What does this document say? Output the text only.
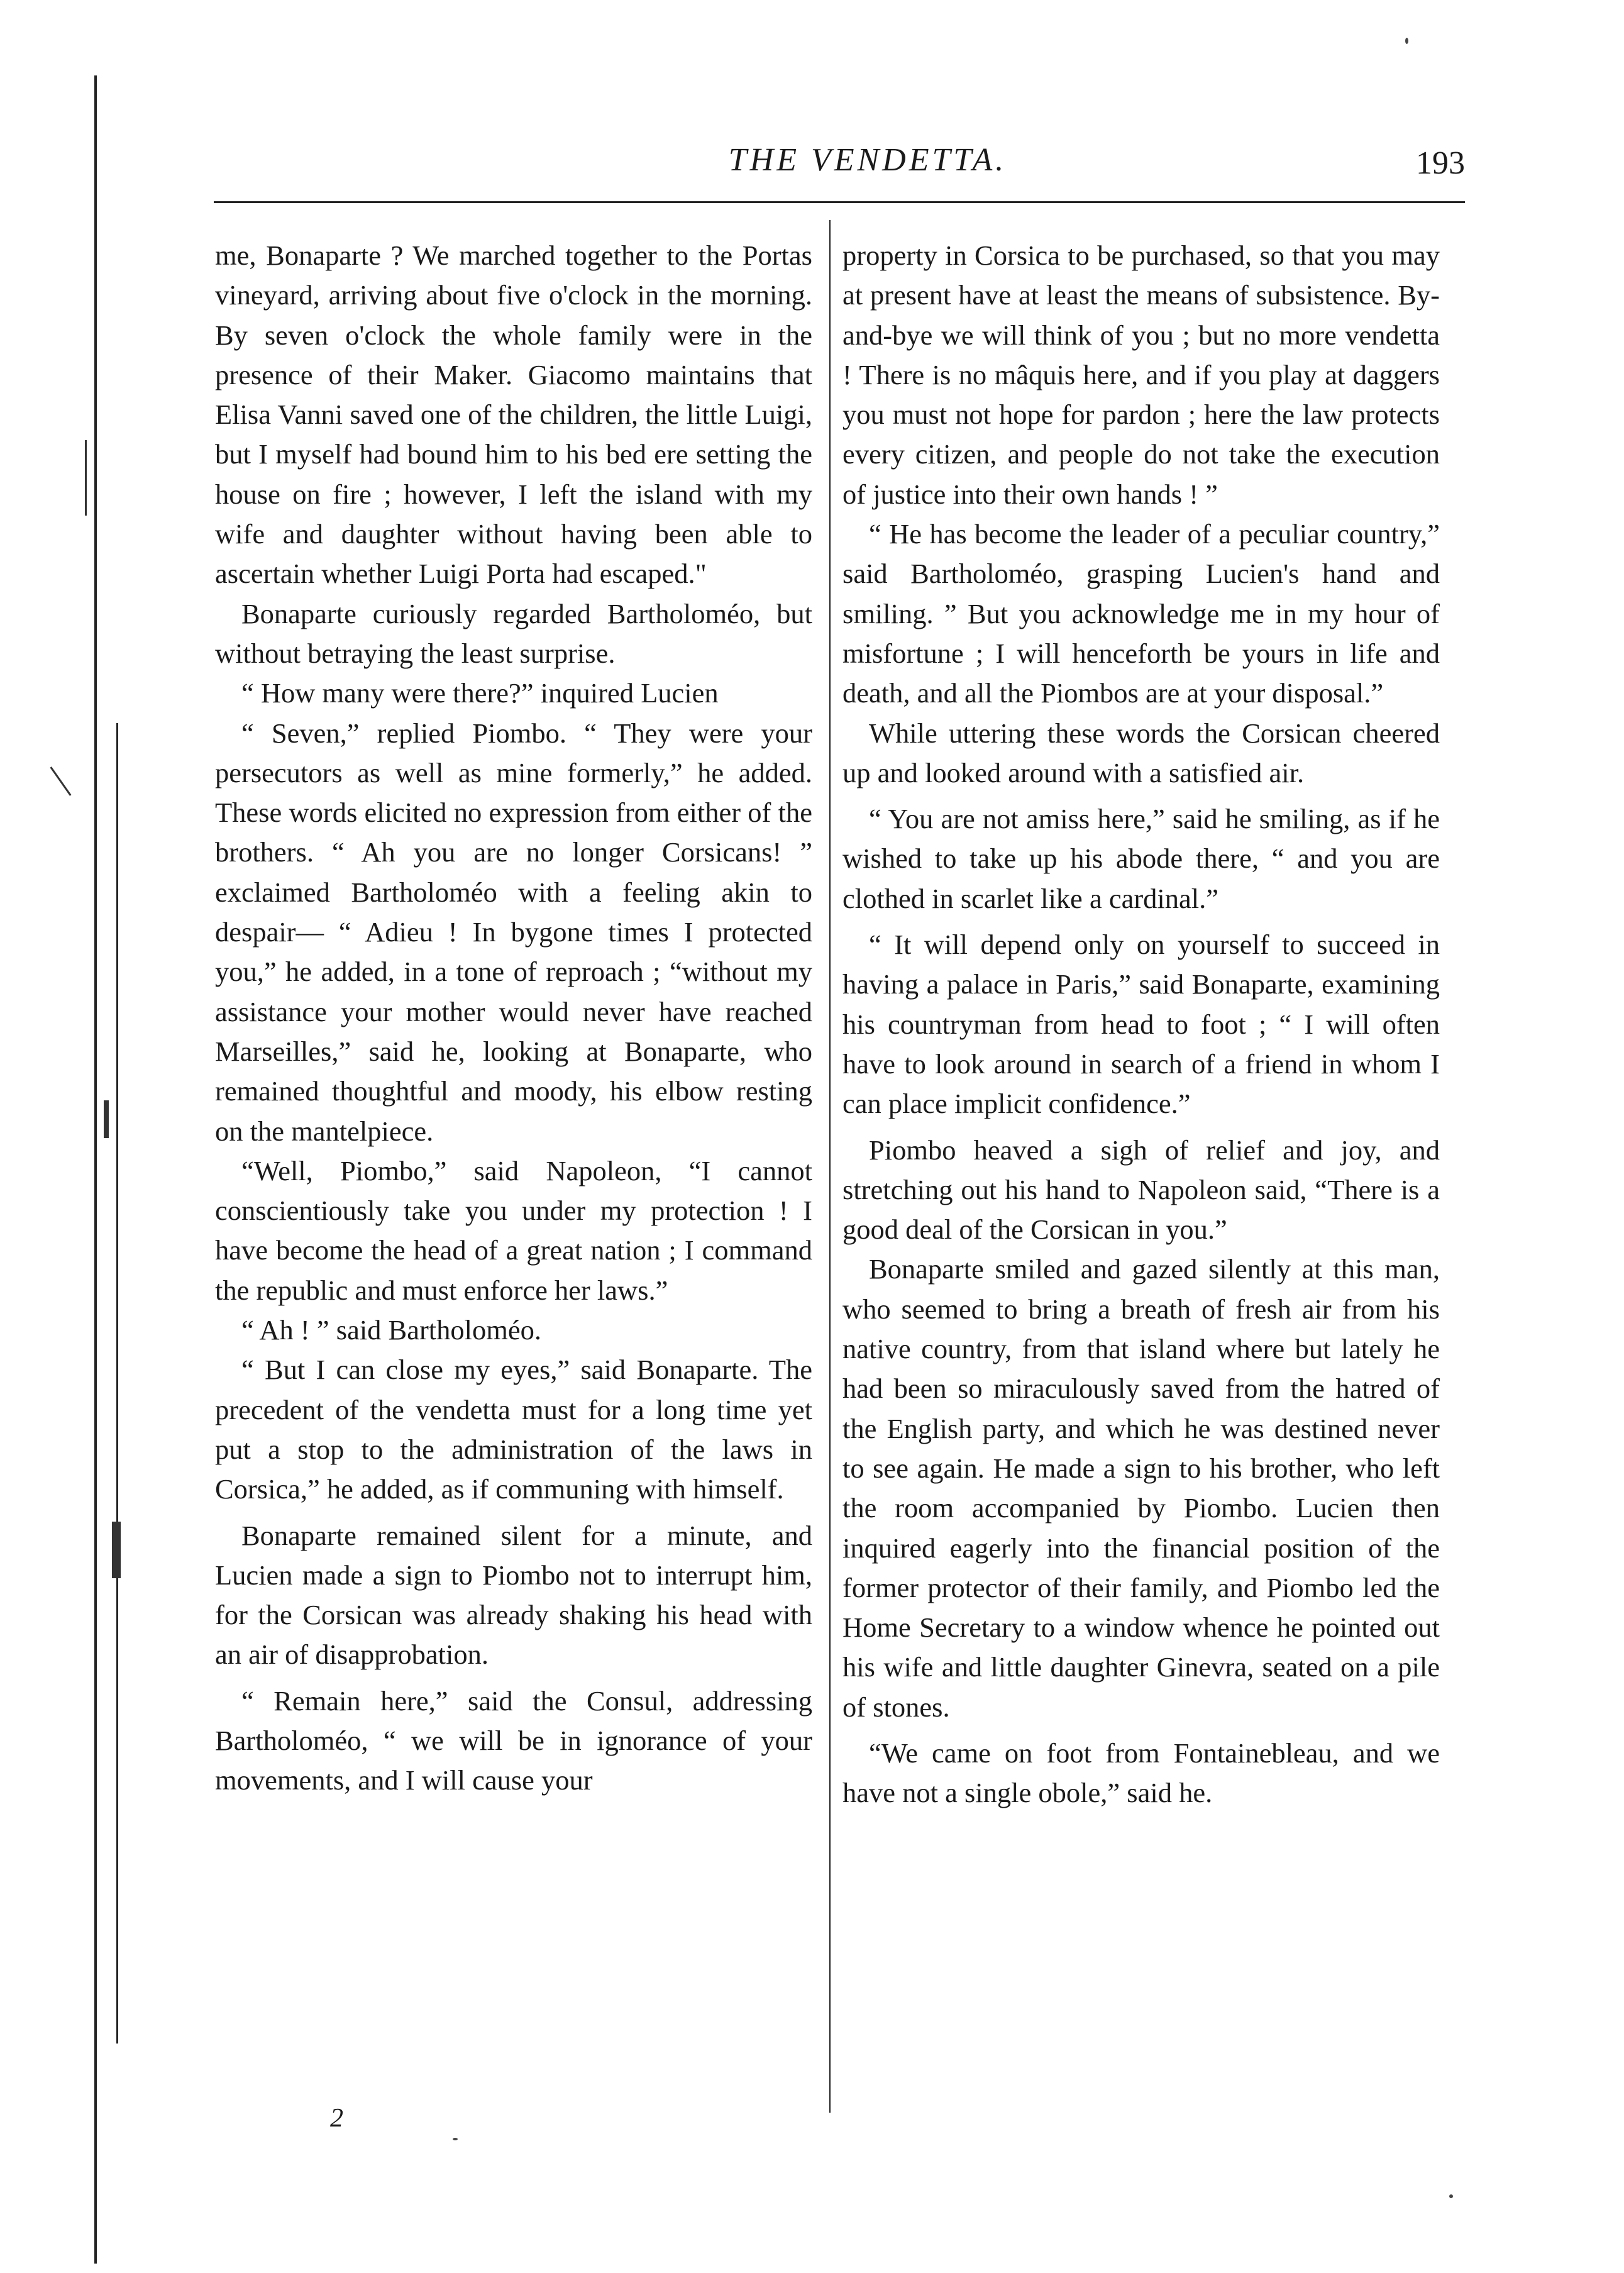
THE VENDETTA.	193

me, Bonaparte ? We marched together to the Portas vineyard, arriving about five o'clock in the morning. By seven o'clock the whole family were in the presence of their Maker. Giacomo maintains that Elisa Vanni saved one of the children, the little Luigi, but I myself had bound him to his bed ere setting the house on fire ; however, I left the island with my wife and daughter without having been able to ascertain whether Luigi Porta had escaped."

Bonaparte curiously regarded Bartholoméo, but without betraying the least surprise.

“ How many were there?” inquired Lucien

“ Seven,” replied Piombo. “ They were your persecutors as well as mine formerly,” he added. These words elicited no expression from either of the brothers. “ Ah you are no longer Corsicans! ” exclaimed Bartholoméo with a feeling akin to despair— “ Adieu ! In bygone times I protected you,” he added, in a tone of reproach ; “without my assistance your mother would never have reached Marseilles,” said he, looking at Bonaparte, who remained thoughtful and moody, his elbow resting on the mantelpiece.

“Well, Piombo,” said Napoleon, “I cannot conscientiously take you under my protection ! I have become the head of a great nation ; I command the republic and must enforce her laws.”

“ Ah ! ” said Bartholoméo.

“ But I can close my eyes,” said Bonaparte. The precedent of the vendetta must for a long time yet put a stop to the administration of the laws in Corsica,” he added, as if communing with himself.

Bonaparte remained silent for a minute, and Lucien made a sign to Piombo not to interrupt him, for the Corsican was already shaking his head with an air of disapprobation.

“ Remain here,” said the Consul, addressing Bartholoméo, “ we will be in ignorance of your movements, and I will cause your

property in Corsica to be purchased, so that you may at present have at least the means of subsistence. By-and-bye we will think of you ; but no more vendetta ! There is no mâquis here, and if you play at daggers you must not hope for pardon ; here the law protects every citizen, and people do not take the execution of justice into their own hands ! ”

“ He has become the leader of a peculiar country,” said Bartholoméo, grasping Lucien's hand and smiling. ” But you acknowledge me in my hour of misfortune ; I will henceforth be yours in life and death, and all the Piombos are at your disposal.”

While uttering these words the Corsican cheered up and looked around with a satisfied air.

“ You are not amiss here,” said he smiling, as if he wished to take up his abode there, “ and you are clothed in scarlet like a cardinal.”

“ It will depend only on yourself to succeed in having a palace in Paris,” said Bonaparte, examining his countryman from head to foot ; “ I will often have to look around in search of a friend in whom I can place implicit confidence.”

Piombo heaved a sigh of relief and joy, and stretching out his hand to Napoleon said, “There is a good deal of the Corsican in you.”

Bonaparte smiled and gazed silently at this man, who seemed to bring a breath of fresh air from his native country, from that island where but lately he had been so miraculously saved from the hatred of the English party, and which he was destined never to see again. He made a sign to his brother, who left the room accompanied by Piombo. Lucien then inquired eagerly into the financial position of the former protector of their family, and Piombo led the Home Secretary to a window whence he pointed out his wife and little daughter Ginevra, seated on a pile of stones.

“We came on foot from Fontainebleau, and we have not a single obole,” said he.

2
